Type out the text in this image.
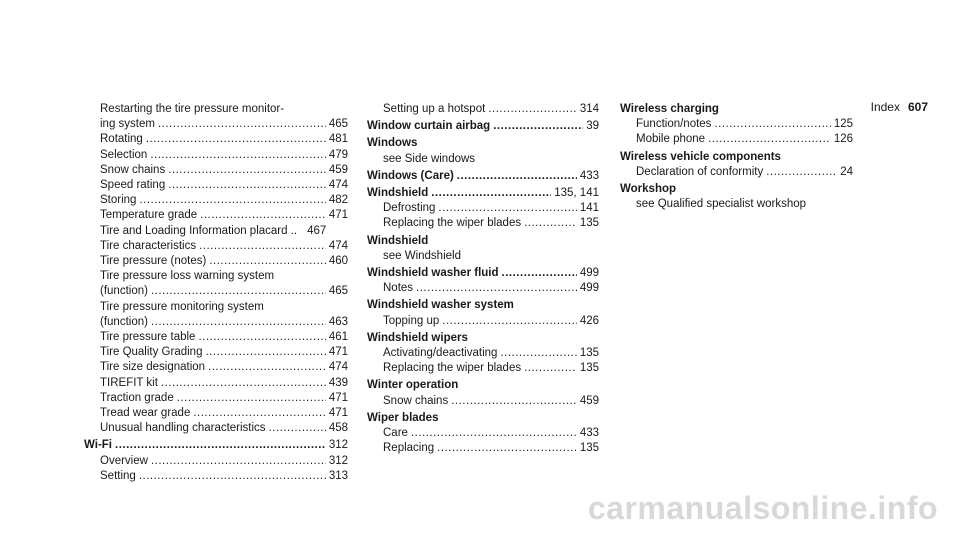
Index 607
Restarting the tire pressure monitor-
ing system .....	465
Rotating .....	481
Selection .....	479
Snow chains .....	459
Speed rating .....	474
Storing .....	482
Temperature grade .....	471
Tire and Loading Information placard .. 467
Tire characteristics .....	474
Tire pressure (notes) .....	460
Tire pressure loss warning system
(function) .....	465
Tire pressure monitoring system
(function) .....	463
Tire pressure table .....	461
Tire Quality Grading .....	471
Tire size designation .....	474
TIREFIT kit .....	439
Traction grade .....	471
Tread wear grade .....	471
Unusual handling characteristics .....	458
Wi-Fi .....	312
Overview .....	312
Setting .....	313
Setting up a hotspot .....	314
Window curtain airbag .....	39
Windows
see Side windows
Windows (Care) .....	433
Windshield .....	135, 141
Defrosting .....	141
Replacing the wiper blades .....	135
Windshield
see Windshield
Windshield washer fluid .....	499
Notes .....	499
Windshield washer system
Topping up .....	426
Windshield wipers
Activating/deactivating .....	135
Replacing the wiper blades .....	135
Winter operation
Snow chains .....	459
Wiper blades
Care .....	433
Replacing .....	135
Wireless charging
Function/notes .....	125
Mobile phone .....	126
Wireless vehicle components
Declaration of conformity .....	24
Workshop
see Qualified specialist workshop
carmanualsonline.info
